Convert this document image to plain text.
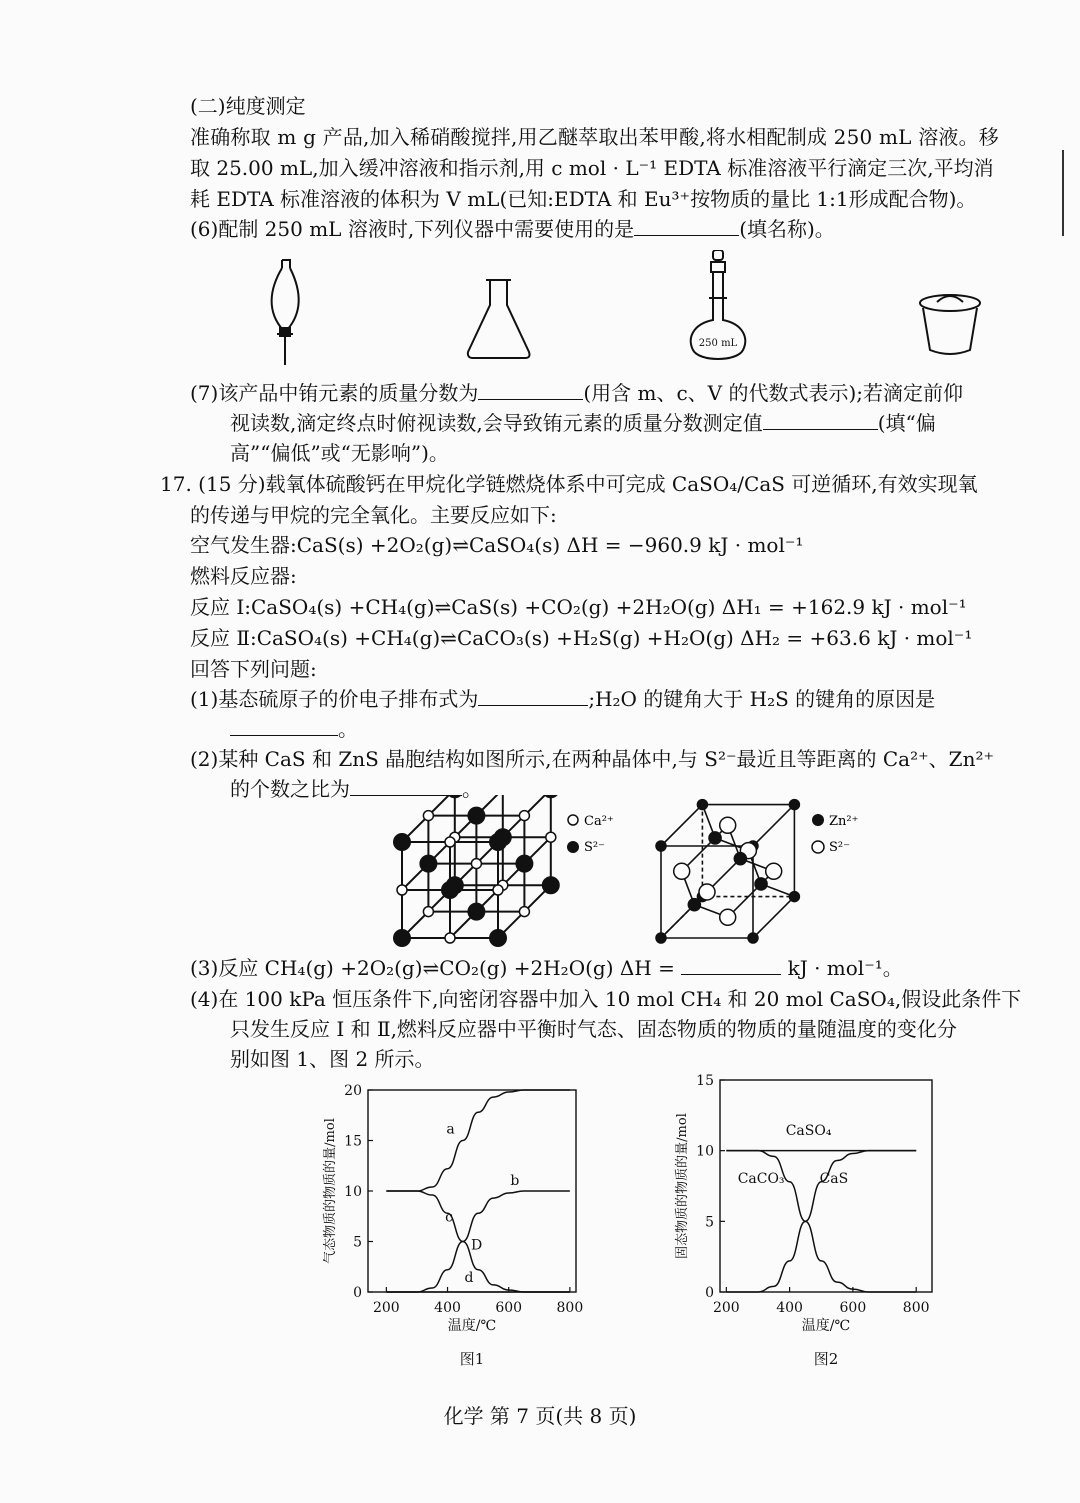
(二)纯度测定
准确称取 m g 产品,加入稀硝酸搅拌,用乙醚萃取出苯甲酸,将水相配制成 250 mL 溶液。移
取 25.00 mL,加入缓冲溶液和指示剂,用 c mol · L⁻¹ EDTA 标准溶液平行滴定三次,平均消
耗 EDTA 标准溶液的体积为 V mL(已知:EDTA 和 Eu³⁺按物质的量比 1:1形成配合物)。
(6)配制 250 mL 溶液时,下列仪器中需要使用的是	(填名称)。
250 mL
(7)该产品中铕元素的质量分数为	(用含 m、c、V 的代数式表示);若滴定前仰
视读数,滴定终点时俯视读数,会导致铕元素的质量分数测定值	(填“偏
高”“偏低”或“无影响”)。
17. (15 分)载氧体硫酸钙在甲烷化学链燃烧体系中可完成 CaSO₄/CaS 可逆循环,有效实现氧
的传递与甲烷的完全氧化。主要反应如下:
空气发生器:CaS(s) +2O₂(g)⇌CaSO₄(s) ΔH = −960.9 kJ · mol⁻¹
燃料反应器:
反应 Ⅰ:CaSO₄(s) +CH₄(g)⇌CaS(s) +CO₂(g) +2H₂O(g) ΔH₁ = +162.9 kJ · mol⁻¹
反应 Ⅱ:CaSO₄(s) +CH₄(g)⇌CaCO₃(s) +H₂S(g) +H₂O(g) ΔH₂ = +63.6 kJ · mol⁻¹
回答下列问题:
(1)基态硫原子的价电子排布式为	;H₂O 的键角大于 H₂S 的键角的原因是
。
(2)某种 CaS 和 ZnS 晶胞结构如图所示,在两种晶体中,与 S²⁻最近且等距离的 Ca²⁺、Zn²⁺
的个数之比为	。
Ca²⁺
S²⁻
Zn²⁺
S²⁻
(3)反应 CH₄(g) +2O₂(g)⇌CO₂(g) +2H₂O(g) ΔH =	kJ · mol⁻¹。
(4)在 100 kPa 恒压条件下,向密闭容器中加入 10 mol CH₄ 和 20 mol CaSO₄,假设此条件下
只发生反应 Ⅰ 和 Ⅱ,燃料反应器中平衡时气态、固态物质的物质的量随温度的变化分
别如图 1、图 2 所示。
200 400 600 800
0
5
10
15
20
温度/℃
气态物质的物质的量/mol	a
b
c
d
图1
D
200	400	600	800
0
5
10
15
温度/℃
固态物质的物质的量/mol	CaSO₄
CaCO₃	CaS
图2
化学 第 7 页(共 8 页)
